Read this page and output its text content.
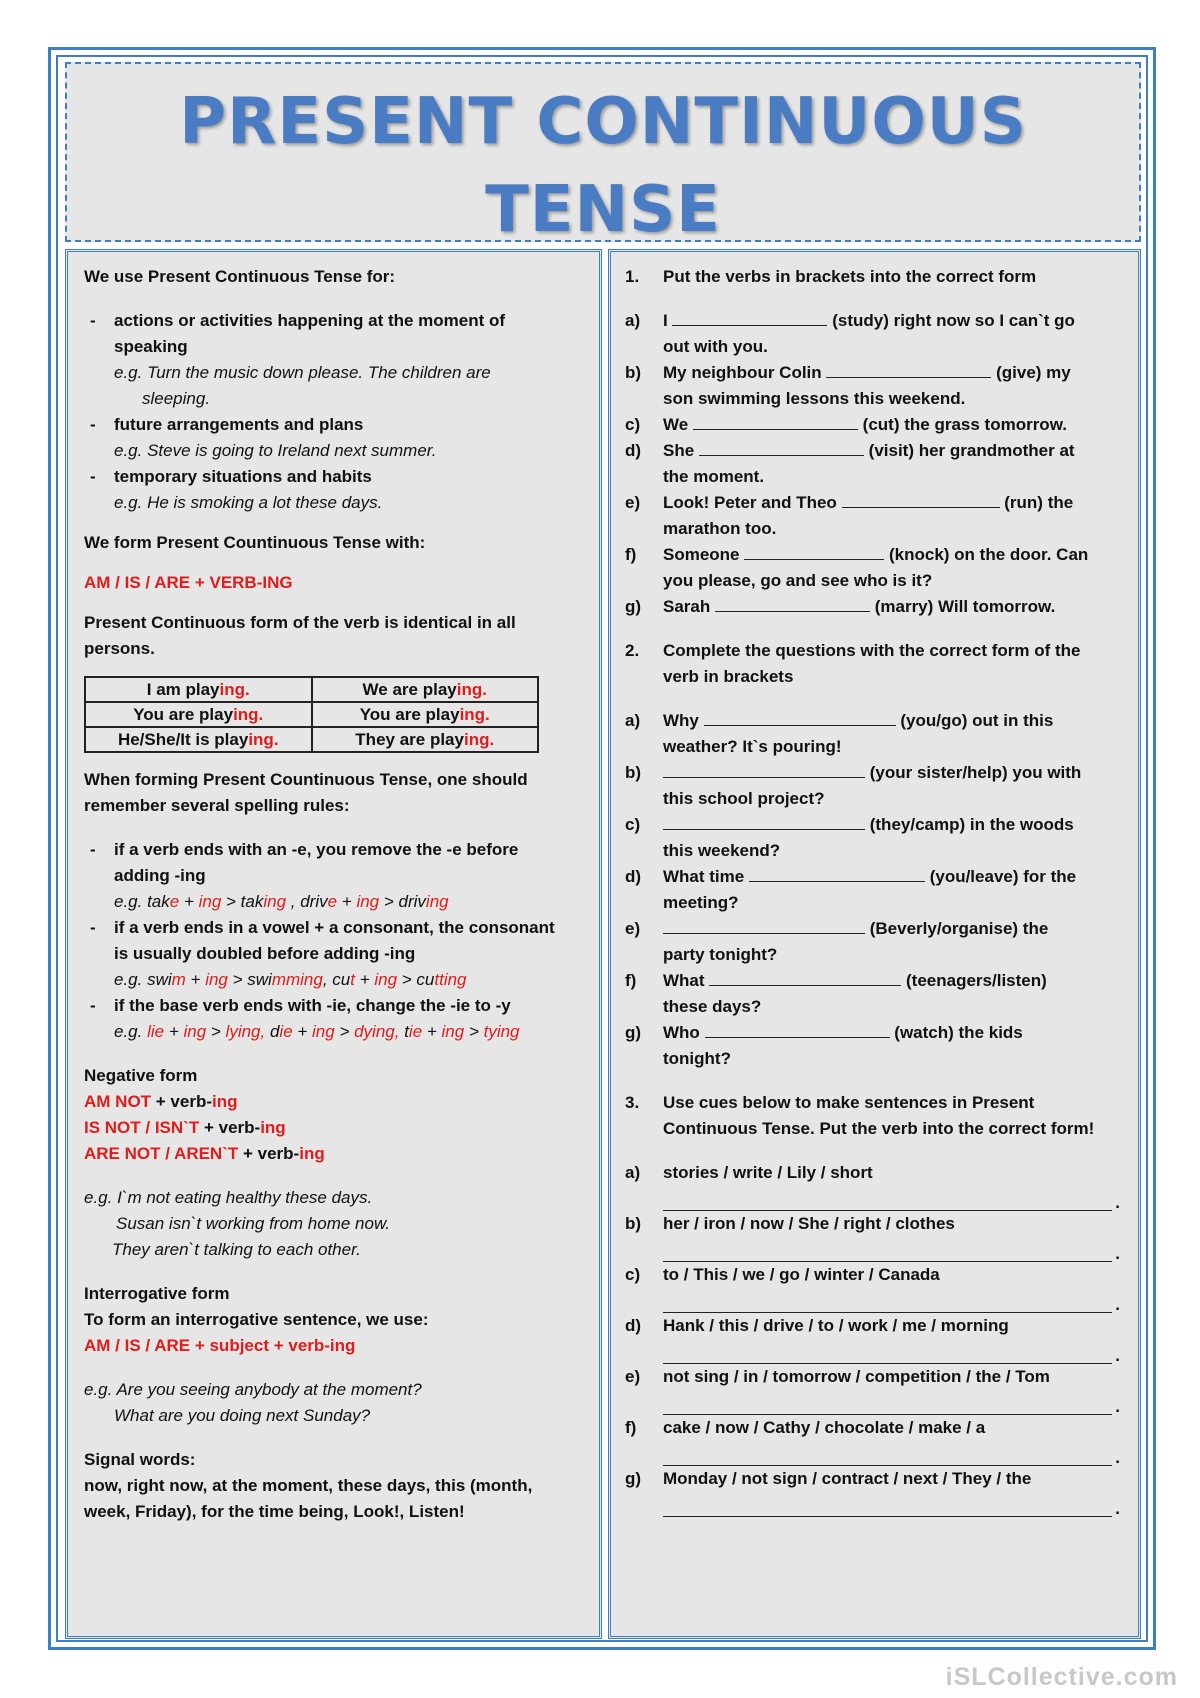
PRESENT CONTINUOUS
TENSE
We use Present Continuous Tense for:
- actions or activities happening at the moment of
speaking
e.g. Turn the music down please. The children are
sleeping.
- future arrangements and plans
e.g. Steve is going to Ireland next summer.
- temporary situations and habits
e.g. He is smoking a lot these days.
We form Present Countinuous Tense with:
AM / IS / ARE + VERB-ING
Present Continuous form of the verb is identical in all
persons.
I am playing.	We are playing.
You are playing.	You are playing.
He/She/It is playing.	They are playing.
When forming Present Countinuous Tense, one should
remember several spelling rules:
- if a verb ends with an -e, you remove the -e before
adding -ing
e.g. take + ing > taking , drive + ing > driving
- if a verb ends in a vowel + a consonant, the consonant
is usually doubled before adding -ing
e.g. swim + ing > swimming, cut + ing > cutting
- if the base verb ends with -ie, change the -ie to -y
e.g. lie + ing > lying, die + ing > dying, tie + ing > tying
Negative form
AM NOT + verb-ing
IS NOT / ISN`T + verb-ing
ARE NOT / AREN`T + verb-ing
e.g. I`m not eating healthy these days.
Susan isn`t working from home now.
They aren`t talking to each other.
Interrogative form
To form an interrogative sentence, we use:
AM / IS / ARE + subject + verb-ing
e.g. Are you seeing anybody at the moment?
What are you doing next Sunday?
Signal words:
now, right now, at the moment, these days, this (month,
week, Friday), for the time being, Look!, Listen!
1. Put the verbs in brackets into the correct form
a) I	(study) right now so I can`t go
out with you.
b) My neighbour Colin	(give) my
son swimming lessons this weekend.
c) We	(cut) the grass tomorrow.
d) She	(visit) her grandmother at
the moment.
e) Look! Peter and Theo	(run) the
marathon too.
f) Someone	(knock) on the door. Can
you please, go and see who is it?
g) Sarah	(marry) Will tomorrow.
2. Complete the questions with the correct form of the
verb in brackets
a) Why	(you/go) out in this
weather? It`s pouring!
b)	(your sister/help) you with
this school project?
c)	(they/camp) in the woods
this weekend?
d) What time	(you/leave) for the
meeting?
e)	(Beverly/organise) the
party tonight?
f) What	(teenagers/listen)
these days?
g) Who	(watch) the kids
tonight?
3. Use cues below to make sentences in Present
Continuous Tense. Put the verb into the correct form!
a) stories / write / Lily / short
.
b) her / iron / now / She / right / clothes
.
c) to / This / we / go / winter / Canada
.
d) Hank / this / drive / to / work / me / morning
.
e) not sing / in / tomorrow / competition / the / Tom
.
f) cake / now / Cathy / chocolate / make / a
.
g) Monday / not sign / contract / next / They / the
.
iSLCollective.com
